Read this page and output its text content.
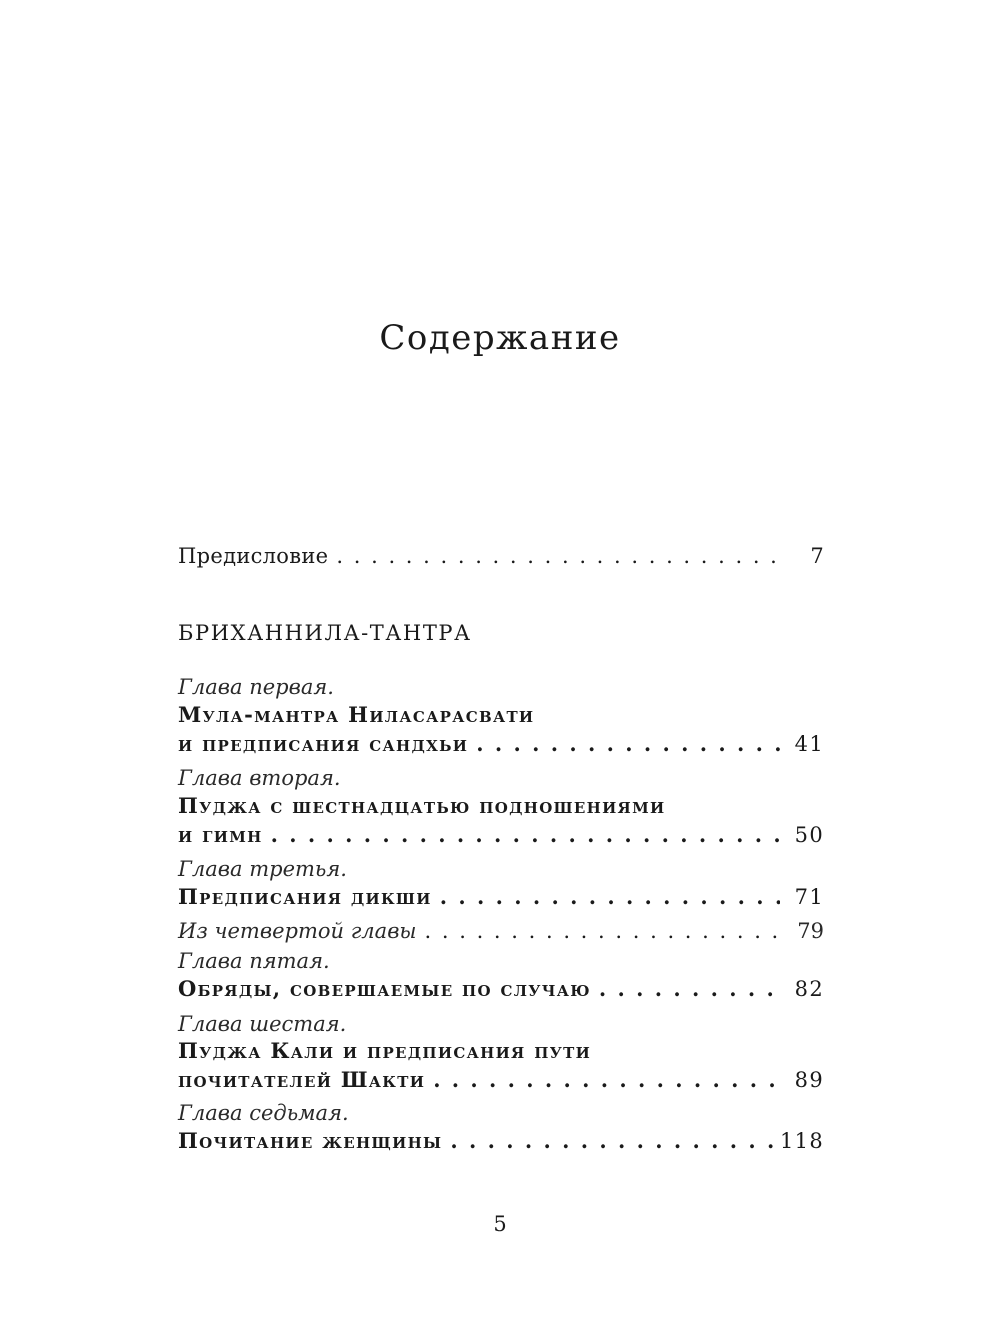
Содержание
Предисловие . . .	7
БРИХАННИЛА-ТАНТРА
Глава первая.
Мула-мантра Ниласарасвати
и предписания сандхьи . . .	41
Глава вторая.
Пуджа с шестнадцатью подношениями
и гимн . . .	50
Глава третья.
Предписания дикши . . .	71
Из четвертой главы . . .	79
Глава пятая.
Обряды, совершаемые по случаю . . .	82
Глава шестая.
Пуджа Кали и предписания пути
почитателей Шакти . . .	89
Глава седьмая.
Почитание женщины . . .	118
5
